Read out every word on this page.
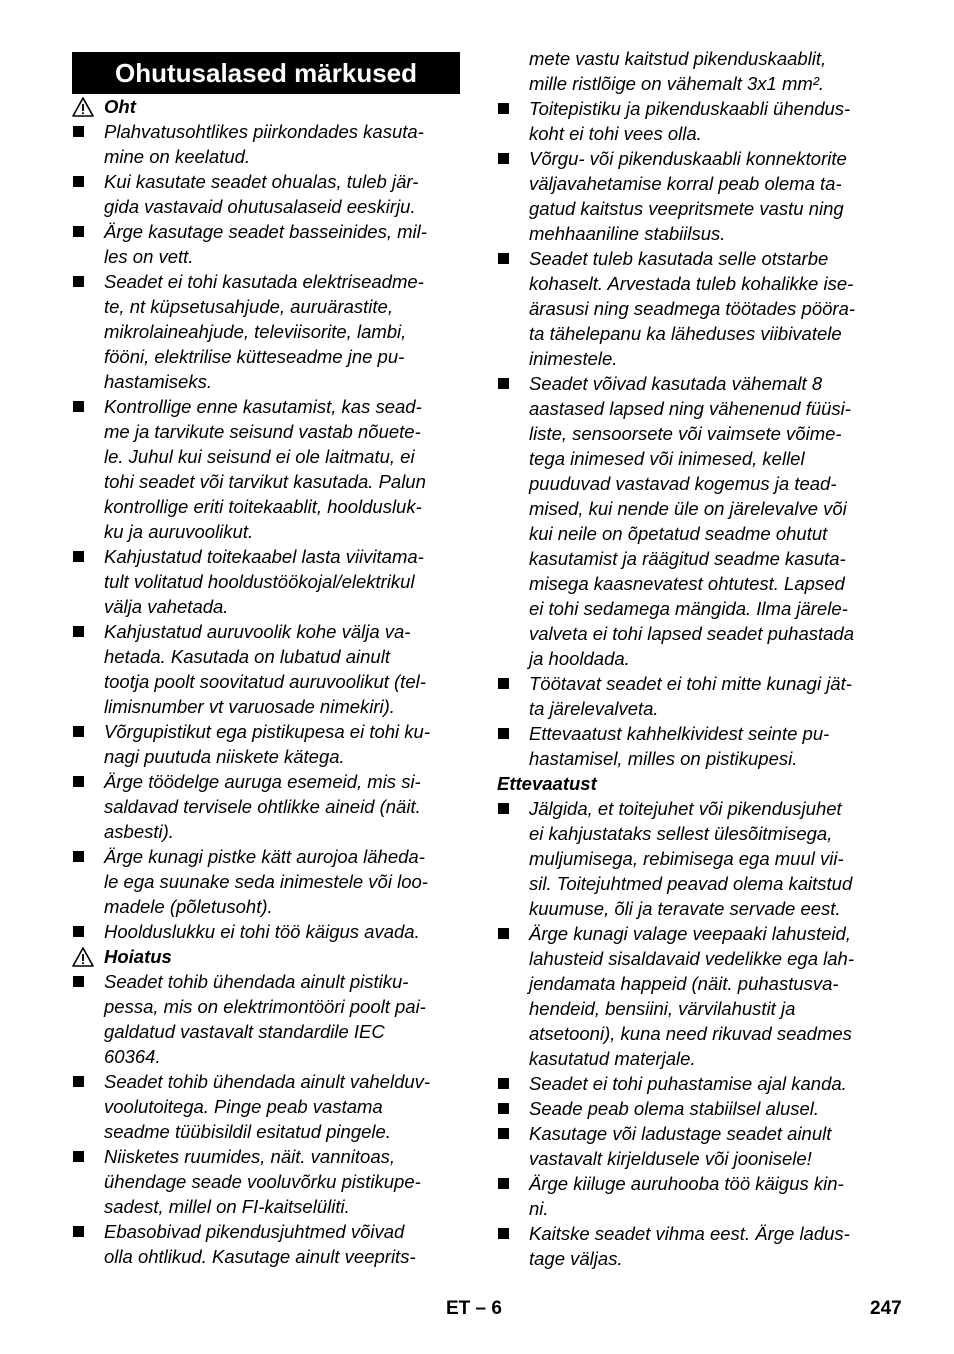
Ohutusalased märkused
Oht
Plahvatusohtlikes piirkondades kasuta-
mine on keelatud.
Kui kasutate seadet ohualas, tuleb jär-
gida vastavaid ohutusalaseid eeskirju.
Ärge kasutage seadet basseinides, mil-
les on vett.
Seadet ei tohi kasutada elektriseadme-
te, nt küpsetusahjude, auruärastite,
mikrolaineahjude, televiisorite, lambi,
fööni, elektrilise kütteseadme jne pu-
hastamiseks.
Kontrollige enne kasutamist, kas sead-
me ja tarvikute seisund vastab nõuete-
le. Juhul kui seisund ei ole laitmatu, ei
tohi seadet või tarvikut kasutada. Palun
kontrollige eriti toitekaablit, hooldusluk-
ku ja auruvoolikut.
Kahjustatud toitekaabel lasta viivitama-
tult volitatud hooldustöökojal/elektrikul
välja vahetada.
Kahjustatud auruvoolik kohe välja va-
hetada. Kasutada on lubatud ainult
tootja poolt soovitatud auruvoolikut (tel-
limisnumber vt varuosade nimekiri).
Võrgupistikut ega pistikupesa ei tohi ku-
nagi puutuda niiskete kätega.
Ärge töödelge auruga esemeid, mis si-
saldavad tervisele ohtlikke aineid (näit.
asbesti).
Ärge kunagi pistke kätt aurojoa läheda-
le ega suunake seda inimestele või loo-
madele (põletusoht).
Hoolduslukku ei tohi töö käigus avada.
Hoiatus
Seadet tohib ühendada ainult pistiku-
pessa, mis on elektrimontööri poolt pai-
galdatud vastavalt standardile IEC
60364.
Seadet tohib ühendada ainult vahelduv-
voolutoitega. Pinge peab vastama
seadme tüübisildil esitatud pingele.
Niisketes ruumides, näit. vannitoas,
ühendage seade vooluvõrku pistikupe-
sadest, millel on FI-kaitselüliti.
Ebasobivad pikendusjuhtmed võivad
olla ohtlikud. Kasutage ainult veeprits-
mete vastu kaitstud pikenduskaablit,
mille ristlõige on vähemalt 3x1 mm².
Toitepistiku ja pikenduskaabli ühendus-
koht ei tohi vees olla.
Võrgu- või pikenduskaabli konnektorite
väljavahetamise korral peab olema ta-
gatud kaitstus veepritsmete vastu ning
mehhaaniline stabiilsus.
Seadet tuleb kasutada selle otstarbe
kohaselt. Arvestada tuleb kohalikke ise-
ärasusi ning seadmega töötades pööra-
ta tähelepanu ka läheduses viibivatele
inimestele.
Seadet võivad kasutada vähemalt 8
aastased lapsed ning vähenenud füüsi-
liste, sensoorsete või vaimsete võime-
tega inimesed või inimesed, kellel
puuduvad vastavad kogemus ja tead-
mised, kui nende üle on järelevalve või
kui neile on õpetatud seadme ohutut
kasutamist ja räägitud seadme kasuta-
misega kaasnevatest ohtutest. Lapsed
ei tohi sedamega mängida. Ilma järele-
valveta ei tohi lapsed seadet puhastada
ja hooldada.
Töötavat seadet ei tohi mitte kunagi jät-
ta järelevalveta.
Ettevaatust kahhelkividest seinte pu-
hastamisel, milles on pistikupesi.
Ettevaatust
Jälgida, et toitejuhet või pikendusjuhet
ei kahjustataks sellest ülesõitmisega,
muljumisega, rebimisega ega muul vii-
sil. Toitejuhtmed peavad olema kaitstud
kuumuse, õli ja teravate servade eest.
Ärge kunagi valage veepaaki lahusteid,
lahusteid sisaldavaid vedelikke ega lah-
jendamata happeid (näit. puhastusva-
hendeid, bensiini, värvilahustit ja
atsetooni), kuna need rikuvad seadmes
kasutatud materjale.
Seadet ei tohi puhastamise ajal kanda.
Seade peab olema stabiilsel alusel.
Kasutage või ladustage seadet ainult
vastavalt kirjeldusele või joonisele!
Ärge kiiluge auruhooba töö käigus kin-
ni.
Kaitske seadet vihma eest. Ärge ladus-
tage väljas.
ET – 6	247
